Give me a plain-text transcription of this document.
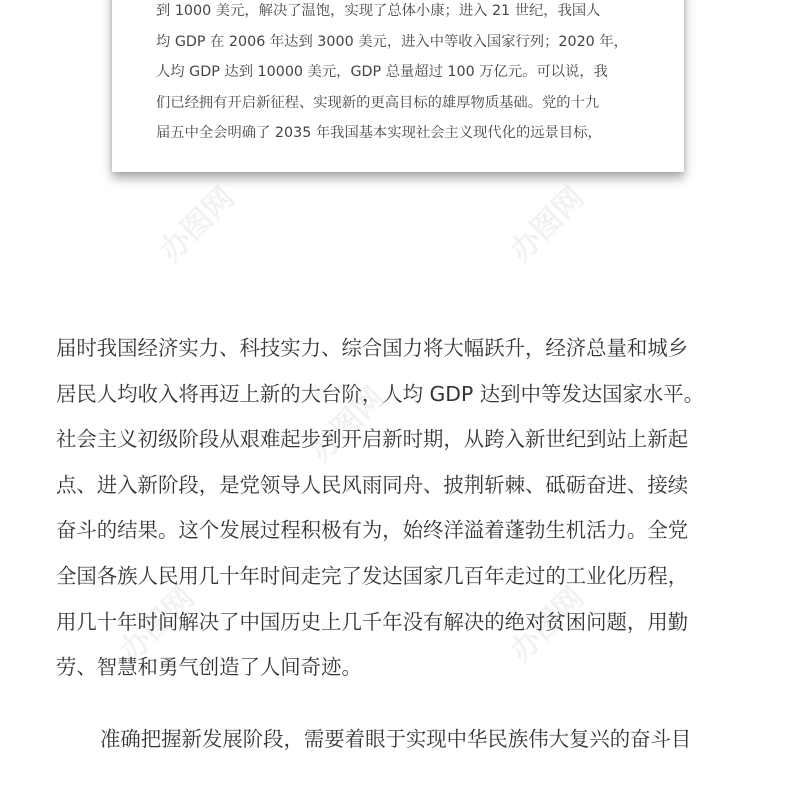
到 1000 美元，解决了温饱，实现了总体小康；进入 21 世纪，我国人
均 GDP 在 2006 年达到 3000 美元，进入中等收入国家行列；2020 年，
人均 GDP 达到 10000 美元，GDP 总量超过 100 万亿元。可以说，我
们已经拥有开启新征程、实现新的更高目标的雄厚物质基础。党的十九
届五中全会明确了 2035 年我国基本实现社会主义现代化的远景目标，
届时我国经济实力、科技实力、综合国力将大幅跃升，经济总量和城乡
居民人均收入将再迈上新的大台阶，人均 GDP 达到中等发达国家水平。
社会主义初级阶段从艰难起步到开启新时期，从跨入新世纪到站上新起
点、进入新阶段，是党领导人民风雨同舟、披荆斩棘、砥砺奋进、接续
奋斗的结果。这个发展过程积极有为，始终洋溢着蓬勃生机活力。全党
全国各族人民用几十年时间走完了发达国家几百年走过的工业化历程，
用几十年时间解决了中国历史上几千年没有解决的绝对贫困问题，用勤
劳、智慧和勇气创造了人间奇迹。
准确把握新发展阶段，需要着眼于实现中华民族伟大复兴的奋斗目
办图网	办图网
办图网
办图网	办图网
